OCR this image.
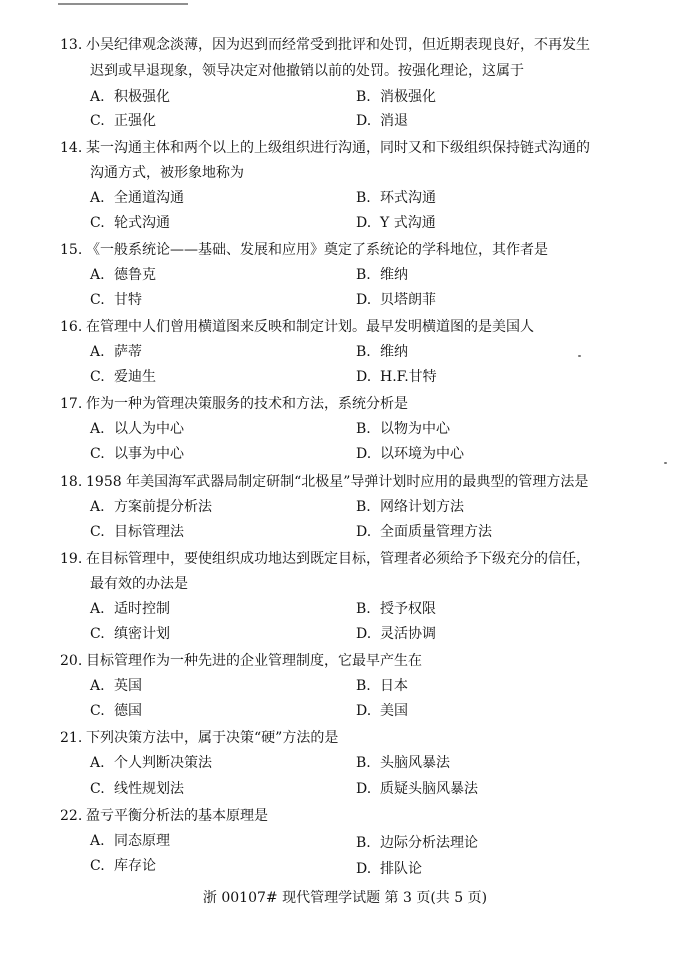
13. 小吴纪律观念淡薄，因为迟到而经常受到批评和处罚，但近期表现良好，不再发生
迟到或早退现象，领导决定对他撤销以前的处罚。按强化理论，这属于
A. 积极强化	B. 消极强化
C. 正强化	D. 消退
14. 某一沟通主体和两个以上的上级组织进行沟通，同时又和下级组织保持链式沟通的
沟通方式，被形象地称为
A. 全通道沟通	B. 环式沟通
C. 轮式沟通	D. Y 式沟通
15. 《一般系统论——基础、发展和应用》奠定了系统论的学科地位，其作者是
A. 德鲁克	B. 维纳
C. 甘特	D. 贝塔朗菲
16. 在管理中人们曾用横道图来反映和制定计划。最早发明横道图的是美国人
A. 萨蒂	B. 维纳
C. 爱迪生	D. H.F.甘特
17. 作为一种为管理决策服务的技术和方法，系统分析是
A. 以人为中心	B. 以物为中心
C. 以事为中心	D. 以环境为中心
18. 1958 年美国海军武器局制定研制“北极星”导弹计划时应用的最典型的管理方法是
A. 方案前提分析法	B. 网络计划方法
C. 目标管理法	D. 全面质量管理方法
19. 在目标管理中，要使组织成功地达到既定目标，管理者必须给予下级充分的信任，
最有效的办法是
A. 适时控制	B. 授予权限
C. 缜密计划	D. 灵活协调
20. 目标管理作为一种先进的企业管理制度，它最早产生在
A. 英国	B. 日本
C. 德国	D. 美国
21. 下列决策方法中，属于决策“硬”方法的是
A. 个人判断决策法	B. 头脑风暴法
C. 线性规划法	D. 质疑头脑风暴法
22. 盈亏平衡分析法的基本原理是
A. 同态原理	B. 边际分析法理论
C. 库存论	D. 排队论
浙 00107# 现代管理学试题 第 3 页(共 5 页)
